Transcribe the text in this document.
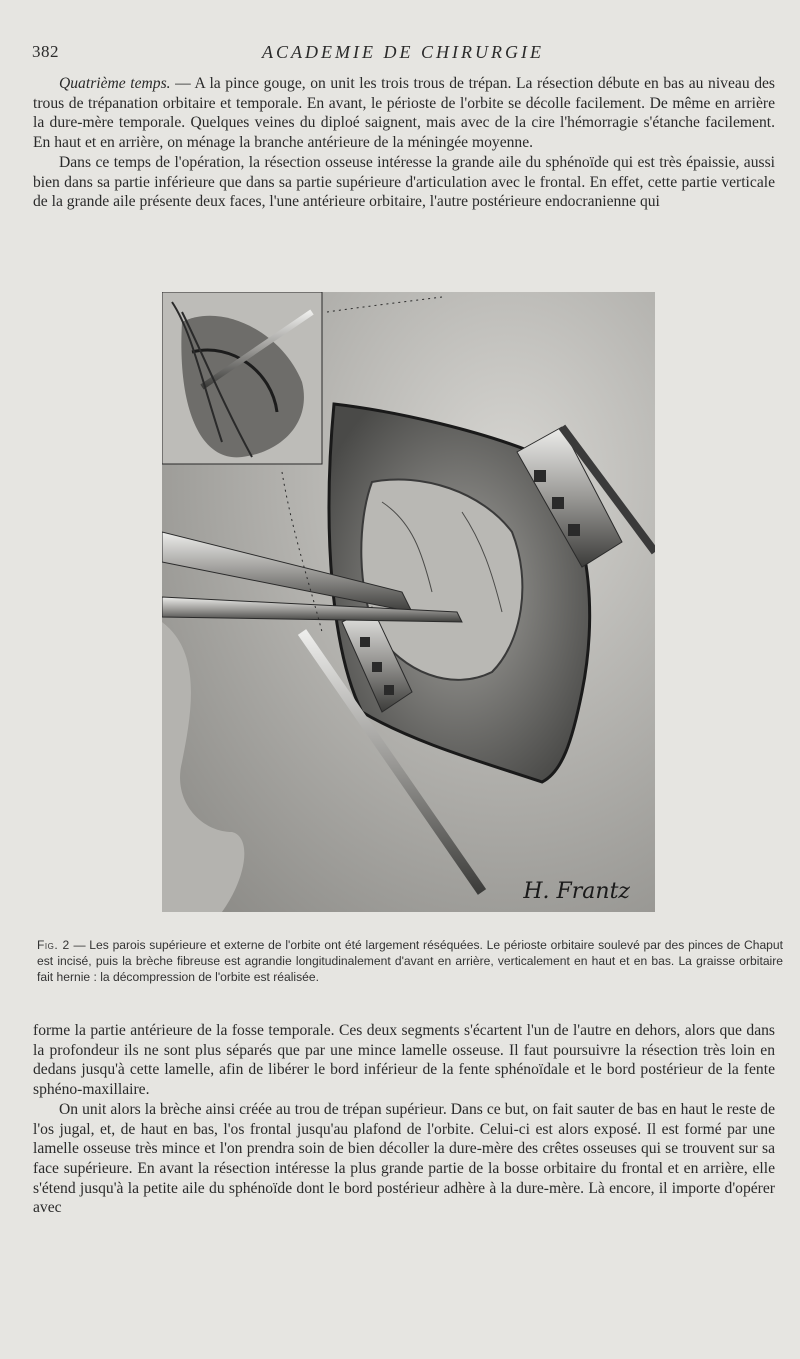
382	ACADEMIE DE CHIRURGIE

Quatrième temps. — A la pince gouge, on unit les trois trous de trépan. La résection débute en bas au niveau des trous de trépanation orbitaire et temporale. En avant, le périoste de l'orbite se décolle facilement. De même en arrière la dure-mère temporale. Quelques veines du diploé saignent, mais avec de la cire l'hémorragie s'étanche facilement. En haut et en arrière, on ménage la branche antérieure de la méningée moyenne.

Dans ce temps de l'opération, la résection osseuse intéresse la grande aile du sphénoïde qui est très épaissie, aussi bien dans sa partie inférieure que dans sa partie supérieure d'articulation avec le frontal. En effet, cette partie verticale de la grande aile présente deux faces, l'une antérieure orbitaire, l'autre postérieure endocranienne qui

H. Frantz
Fig. 2 — Les parois supérieure et externe de l'orbite ont été largement réséquées. Le périoste orbitaire soulevé par des pinces de Chaput est incisé, puis la brèche fibreuse est agrandie longitudinalement d'avant en arrière, verticalement en haut et en bas. La graisse orbitaire fait hernie : la décompression de l'orbite est réalisée.

forme la partie antérieure de la fosse temporale. Ces deux segments s'écartent l'un de l'autre en dehors, alors que dans la profondeur ils ne sont plus séparés que par une mince lamelle osseuse. Il faut poursuivre la résection très loin en dedans jusqu'à cette lamelle, afin de libérer le bord inférieur de la fente sphénoïdale et le bord postérieur de la fente sphéno-maxillaire.

On unit alors la brèche ainsi créée au trou de trépan supérieur. Dans ce but, on fait sauter de bas en haut le reste de l'os jugal, et, de haut en bas, l'os frontal jusqu'au plafond de l'orbite. Celui-ci est alors exposé. Il est formé par une lamelle osseuse très mince et l'on prendra soin de bien décoller la dure-mère des crêtes osseuses qui se trouvent sur sa face supérieure. En avant la résection intéresse la plus grande partie de la bosse orbitaire du frontal et en arrière, elle s'étend jusqu'à la petite aile du sphénoïde dont le bord postérieur adhère à la dure-mère. Là encore, il importe d'opérer avec
